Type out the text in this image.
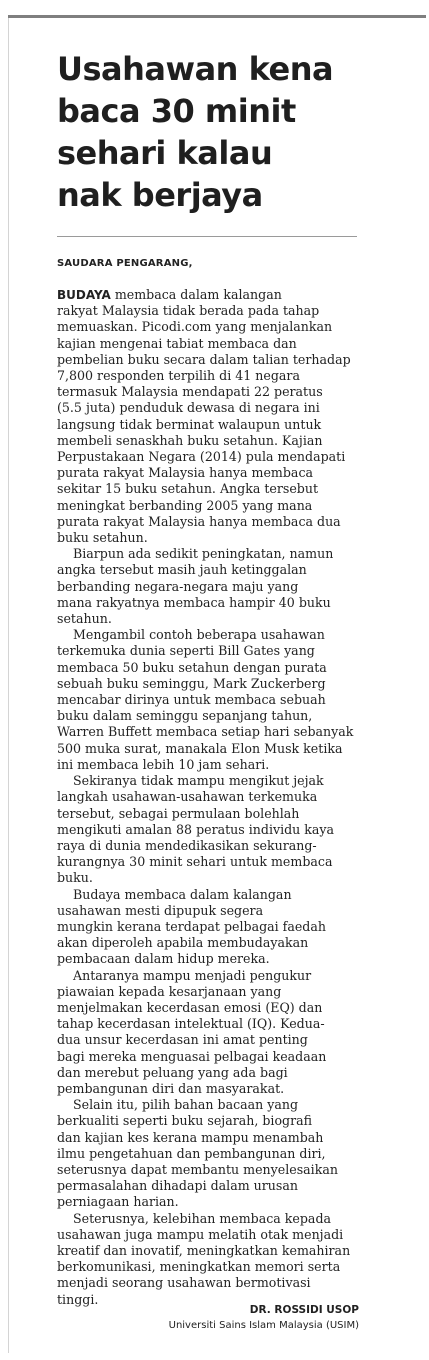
Usahawan kena
baca 30 minit
sehari kalau
nak berjaya
SAUDARA PENGARANG,

BUDAYA membaca dalam kalangan
rakyat Malaysia tidak berada pada tahap
memuaskan. Picodi.com yang menjalankan
kajian mengenai tabiat membaca dan
pembelian buku secara dalam talian terhadap
7,800 responden terpilih di 41 negara
termasuk Malaysia mendapati 22 peratus
(5.5 juta) penduduk dewasa di negara ini
langsung tidak berminat walaupun untuk
membeli senaskhah buku setahun. Kajian
Perpustakaan Negara (2014) pula mendapati
purata rakyat Malaysia hanya membaca
sekitar 15 buku setahun. Angka tersebut
meningkat berbanding 2005 yang mana
purata rakyat Malaysia hanya membaca dua
buku setahun.

Biarpun ada sedikit peningkatan, namun
angka tersebut masih jauh ketinggalan
berbanding negara-negara maju yang
mana rakyatnya membaca hampir 40 buku
setahun.

Mengambil contoh beberapa usahawan
terkemuka dunia seperti Bill Gates yang
membaca 50 buku setahun dengan purata
sebuah buku seminggu, Mark Zuckerberg
mencabar dirinya untuk membaca sebuah
buku dalam seminggu sepanjang tahun,
Warren Buffett membaca setiap hari sebanyak
500 muka surat, manakala Elon Musk ketika
ini membaca lebih 10 jam sehari.

Sekiranya tidak mampu mengikut jejak
langkah usahawan-usahawan terkemuka
tersebut, sebagai permulaan bolehlah
mengikuti amalan 88 peratus individu kaya
raya di dunia mendedikasikan sekurang-
kurangnya 30 minit sehari untuk membaca
buku.

Budaya membaca dalam kalangan
usahawan mesti dipupuk segera
mungkin kerana terdapat pelbagai faedah
akan diperoleh apabila membudayakan
pembacaan dalam hidup mereka.

Antaranya mampu menjadi pengukur
piawaian kepada kesarjanaan yang
menjelmakan kecerdasan emosi (EQ) dan
tahap kecerdasan intelektual (IQ). Kedua-
dua unsur kecerdasan ini amat penting
bagi mereka menguasai pelbagai keadaan
dan merebut peluang yang ada bagi
pembangunan diri dan masyarakat.

Selain itu, pilih bahan bacaan yang
berkualiti seperti buku sejarah, biografi
dan kajian kes kerana mampu menambah
ilmu pengetahuan dan pembangunan diri,
seterusnya dapat membantu menyelesaikan
permasalahan dihadapi dalam urusan
perniagaan harian.

Seterusnya, kelebihan membaca kepada
usahawan juga mampu melatih otak menjadi
kreatif dan inovatif, meningkatkan kemahiran
berkomunikasi, meningkatkan memori serta
menjadi seorang usahawan bermotivasi
tinggi.

DR. ROSSIDI USOP
Universiti Sains Islam Malaysia (USIM)
